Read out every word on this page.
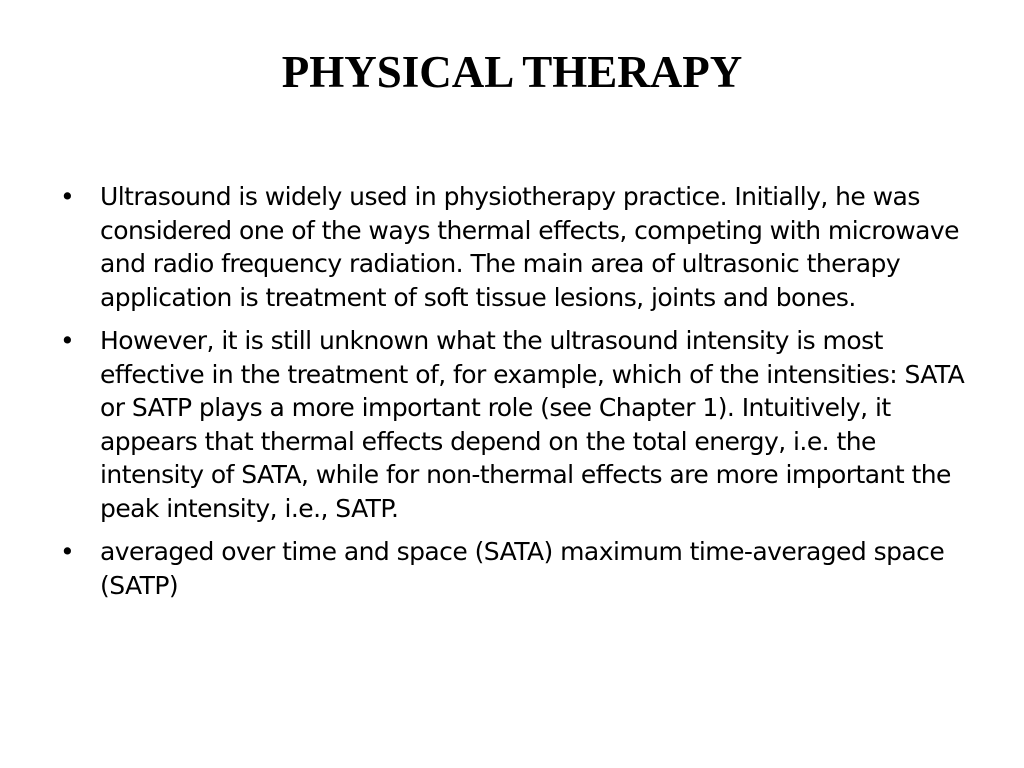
PHYSICAL THERAPY
•	Ultrasound is widely used in physiotherapy practice. Initially, he was considered one of the ways thermal effects, competing with microwave and radio frequency radiation. The main area of ultrasonic therapy application is treatment of soft tissue lesions, joints and bones.
•	However, it is still unknown what the ultrasound intensity is most effective in the treatment of, for example, which of the intensities: SATA or SATP plays a more important role (see Chapter 1). Intuitively, it appears that thermal effects depend on the total energy, i.e. the intensity of SATA, while for non-thermal effects are more important the peak intensity, i.e., SATP.
•	averaged over time and space (SATA) maximum time-averaged space (SATP)
